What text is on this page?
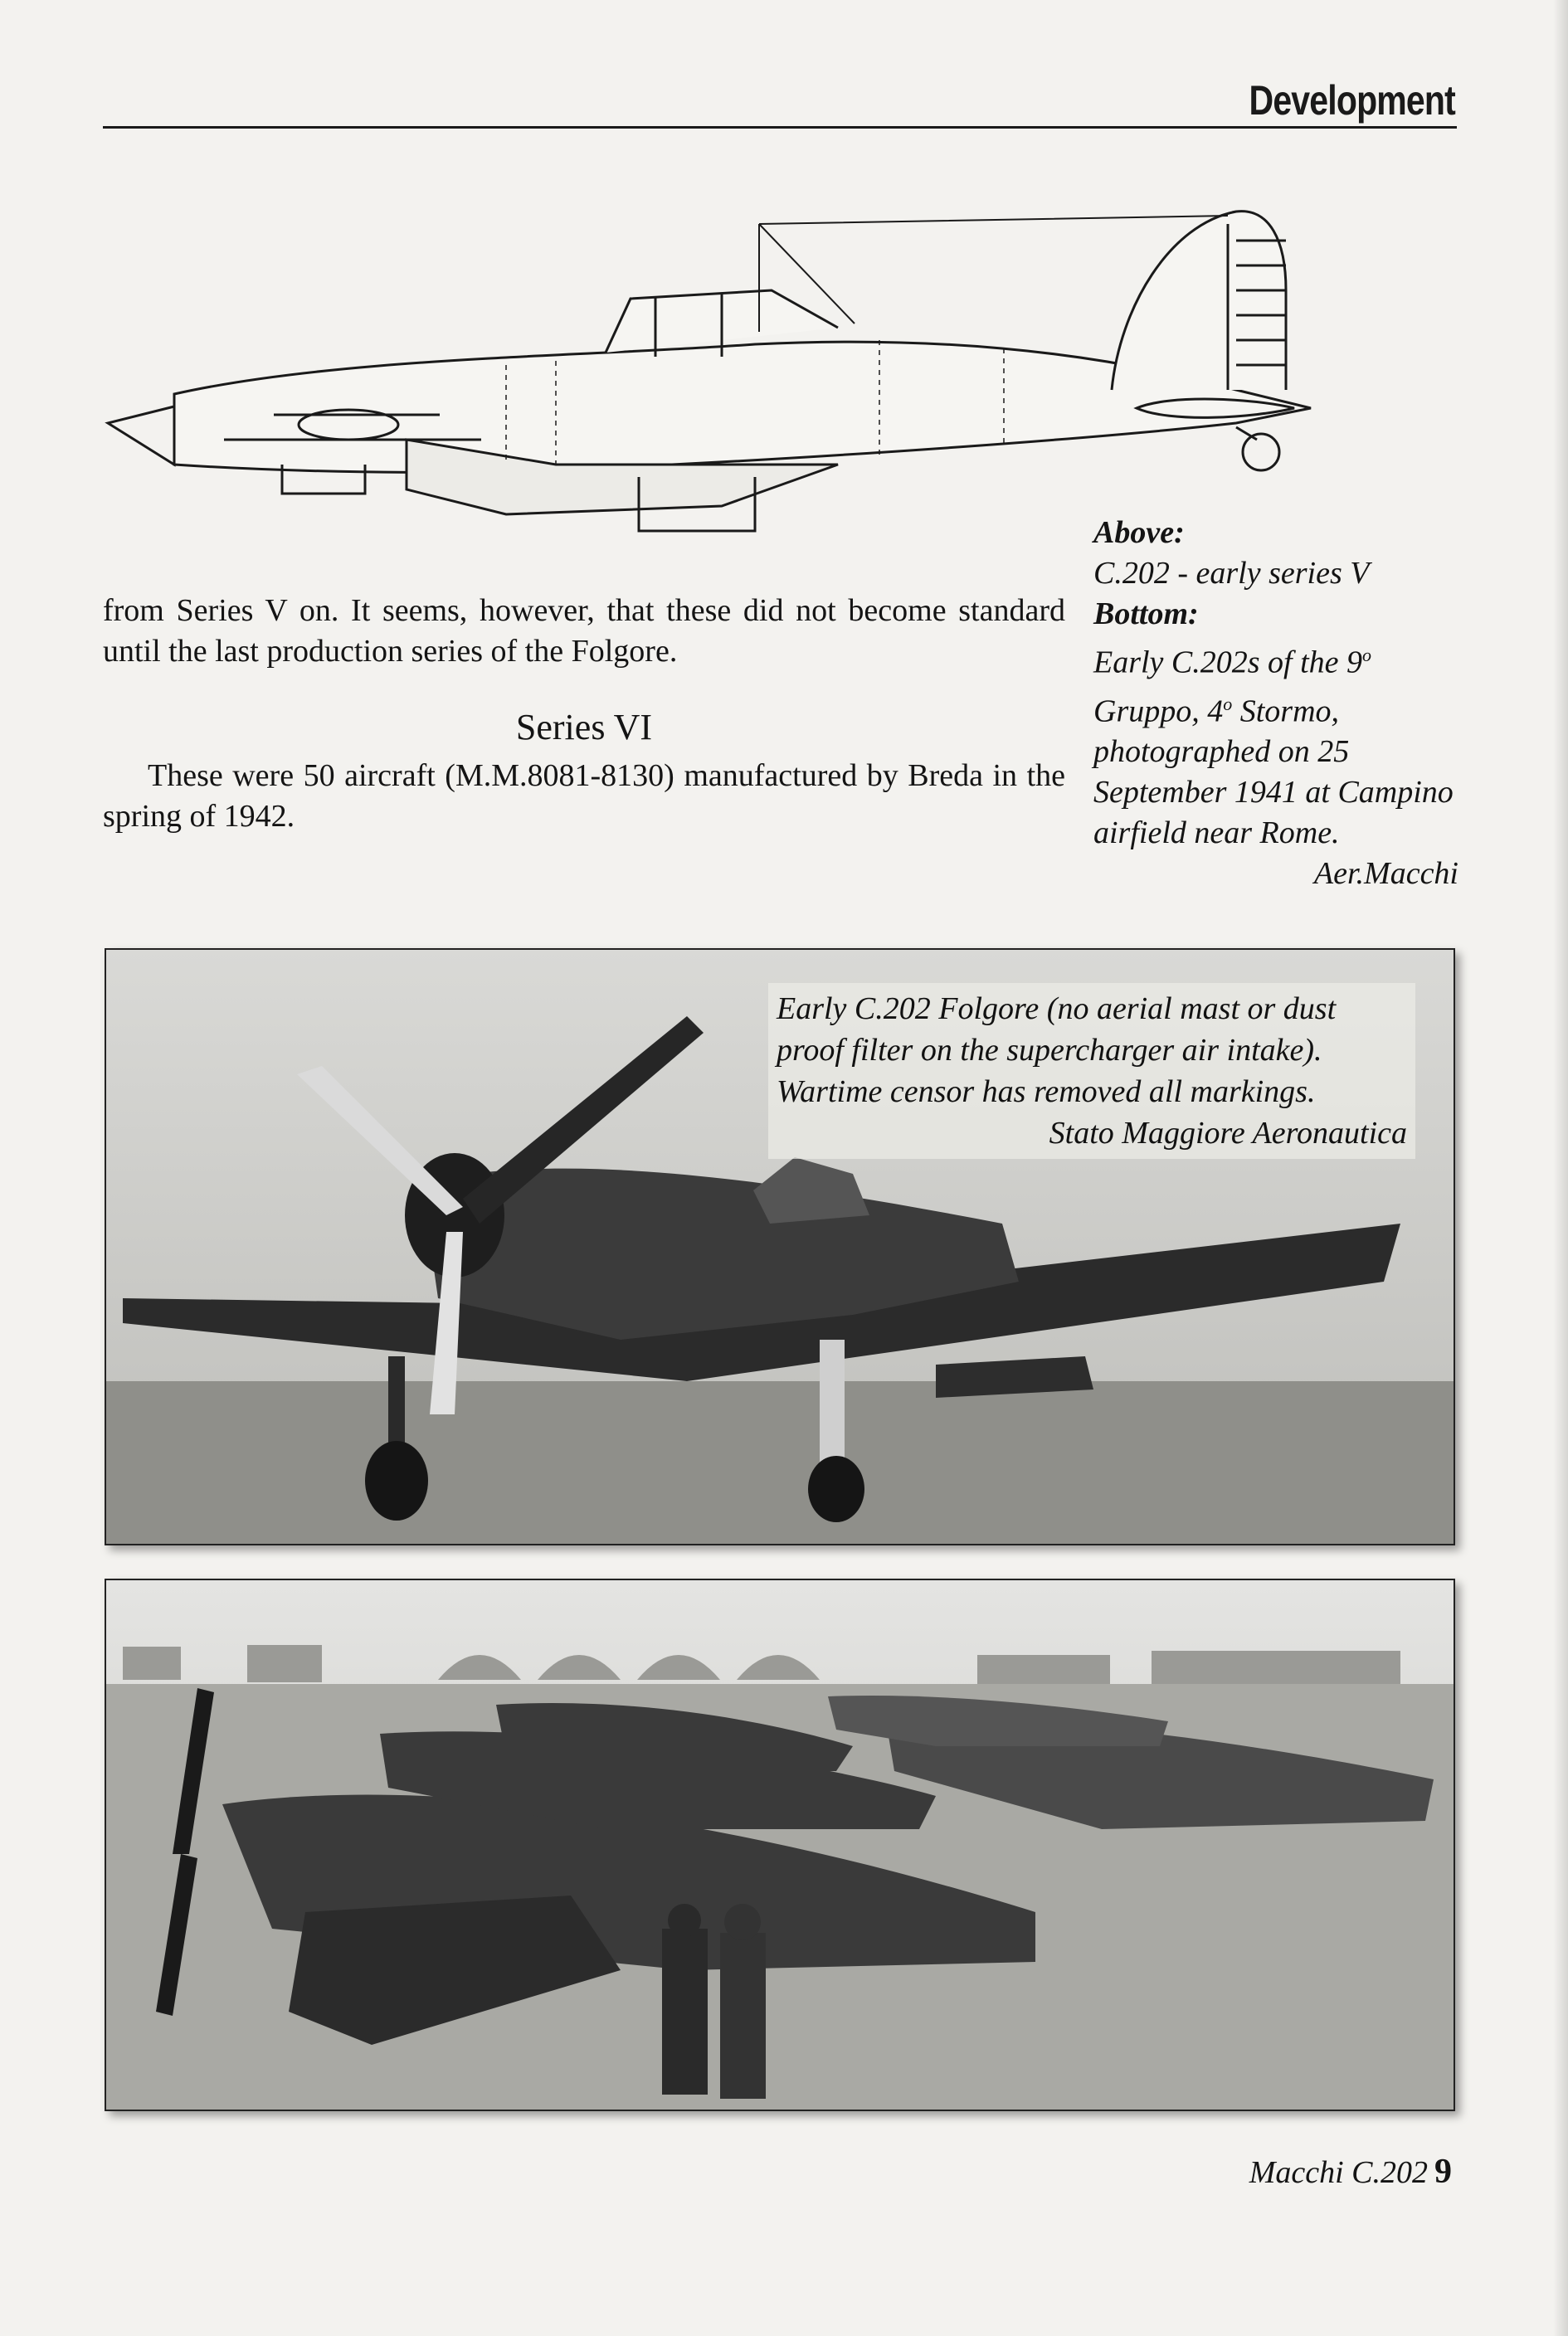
Development

from Series V on. It seems, however, that these did not become standard until the last production series of the Folgore.

Series VI

These were 50 aircraft (M.M.8081-8130) manufactured by Breda in the spring of 1942.

Above:
C.202 - early series V
Bottom:
Early C.202s of the 9$^o$ Gruppo, 4$^o$ Stormo, photographed on 25 September 1941 at Campino airfield near Rome.
Aer.Macchi
Early C.202 Folgore (no aerial mast or dust proof filter on the supercharger air intake). Wartime censor has removed all markings.
Stato Maggiore Aeronautica
Macchi C.202 9
